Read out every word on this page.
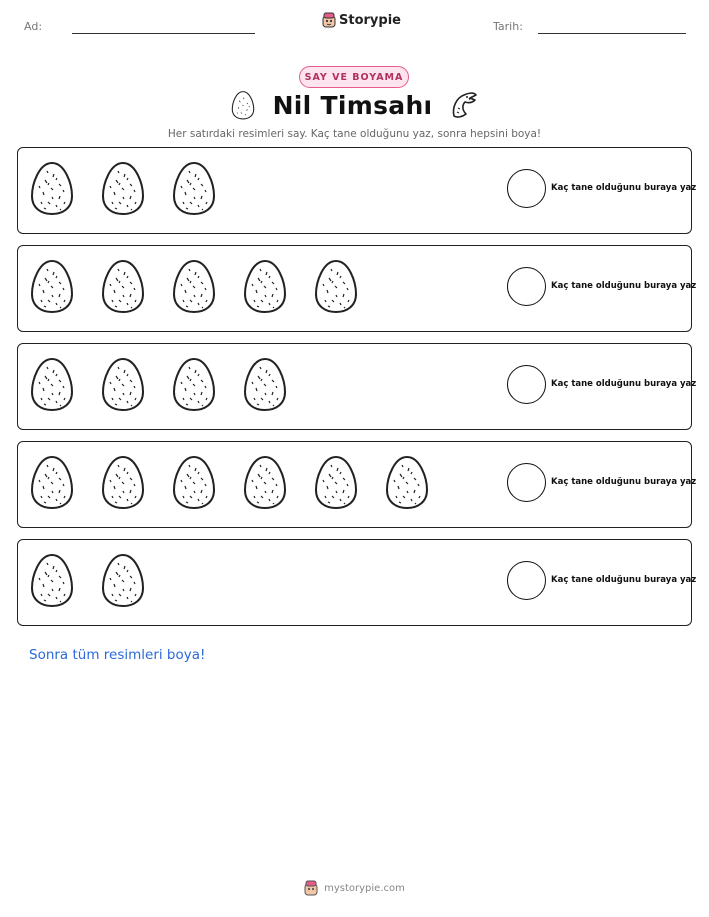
Ad:	Storypie	Tarih:
SAY VE BOYAMA
Nil Timsahı
Her satırdaki resimleri say. Kaç tane olduğunu yaz, sonra hepsini boya!
Kaç tane olduğunu buraya yaz
Kaç tane olduğunu buraya yaz
Kaç tane olduğunu buraya yaz
Kaç tane olduğunu buraya yaz
Kaç tane olduğunu buraya yaz
Sonra tüm resimleri boya!
mystorypie.com
